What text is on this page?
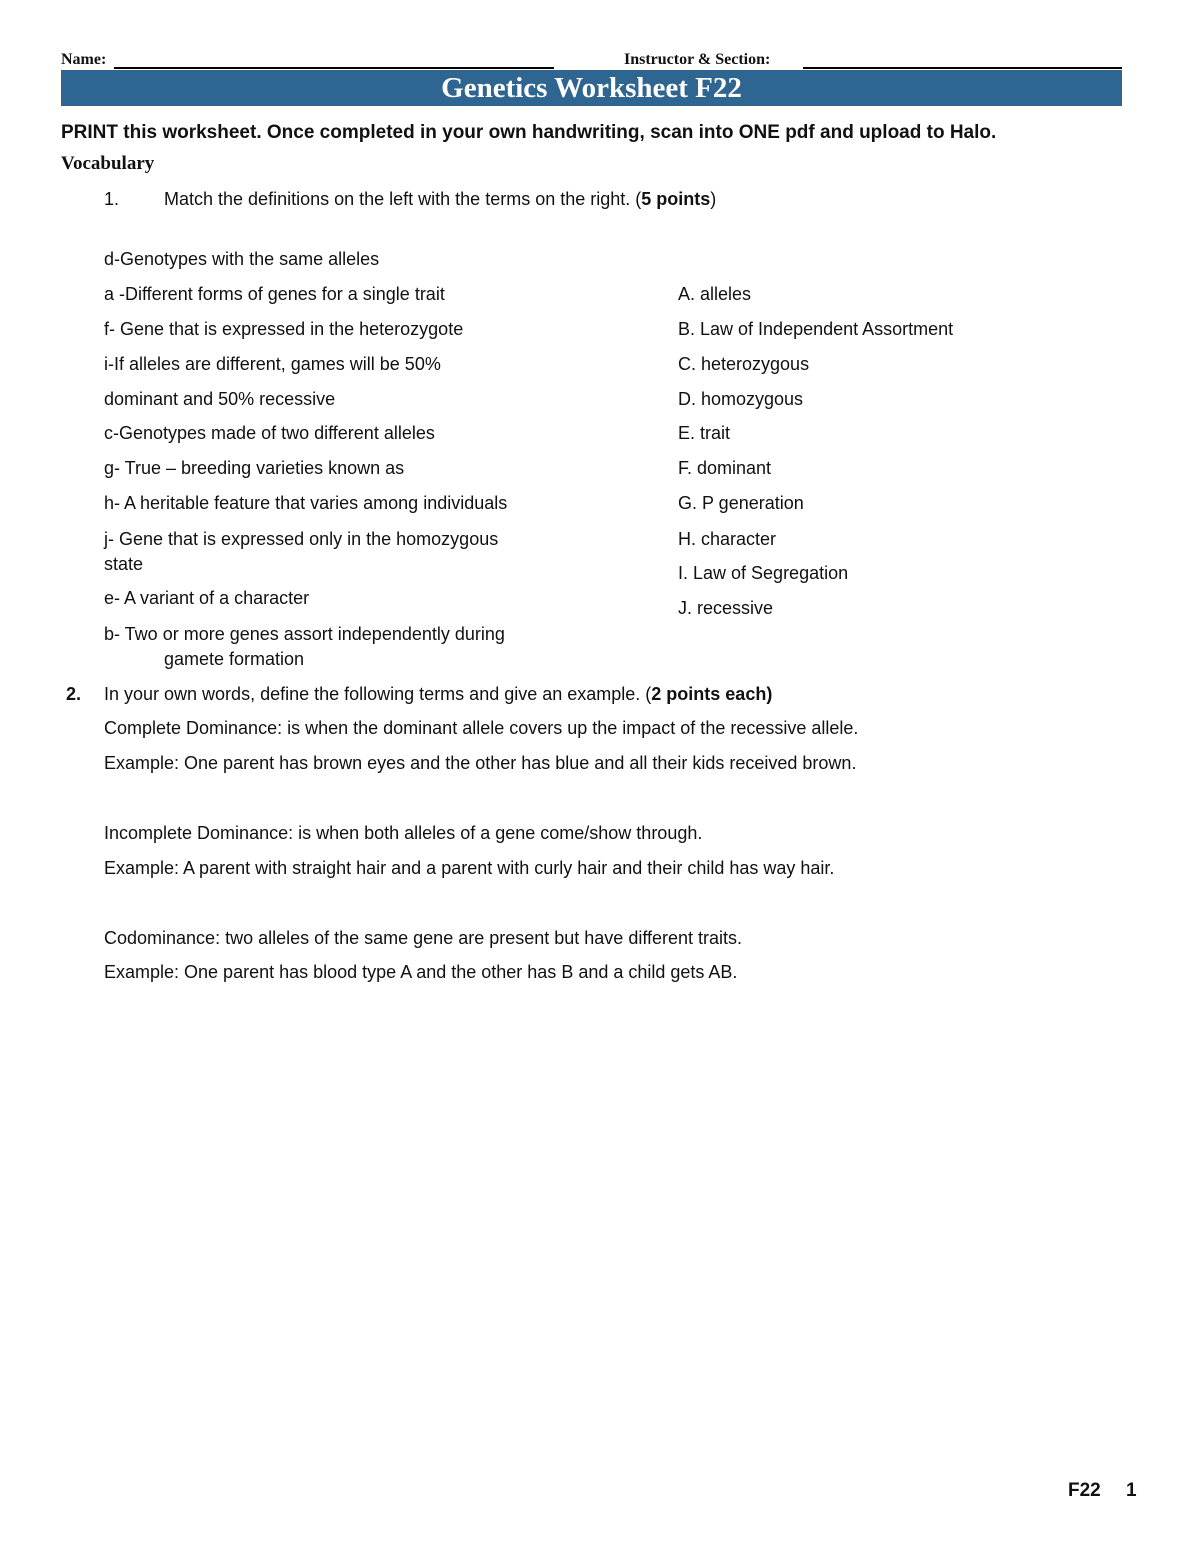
Name:	Instructor & Section:
Genetics Worksheet F22
PRINT this worksheet. Once completed in your own handwriting, scan into ONE pdf and upload to Halo.
Vocabulary
1. Match the definitions on the left with the terms on the right. (5 points)
d-Genotypes with the same alleles
a -Different forms of genes for a single trait
f- Gene that is expressed in the heterozygote
i-If alleles are different, games will be 50%
dominant and 50% recessive
c-Genotypes made of two different alleles
g- True – breeding varieties known as
h- A heritable feature that varies among individuals
j- Gene that is expressed only in the homozygous
state
e- A variant of a character
b- Two or more genes assort independently during
gamete formation
A. alleles
B. Law of Independent Assortment
C. heterozygous
D. homozygous
E. trait
F. dominant
G. P generation
H. character
I. Law of Segregation
J. recessive
2. In your own words, define the following terms and give an example. (2 points each)
Complete Dominance: is when the dominant allele covers up the impact of the recessive allele.
Example: One parent has brown eyes and the other has blue and all their kids received brown.
Incomplete Dominance: is when both alleles of a gene come/show through.
Example: A parent with straight hair and a parent with curly hair and their child has way hair.
Codominance: two alleles of the same gene are present but have different traits.
Example: One parent has blood type A and the other has B and a child gets AB.
F22 1
